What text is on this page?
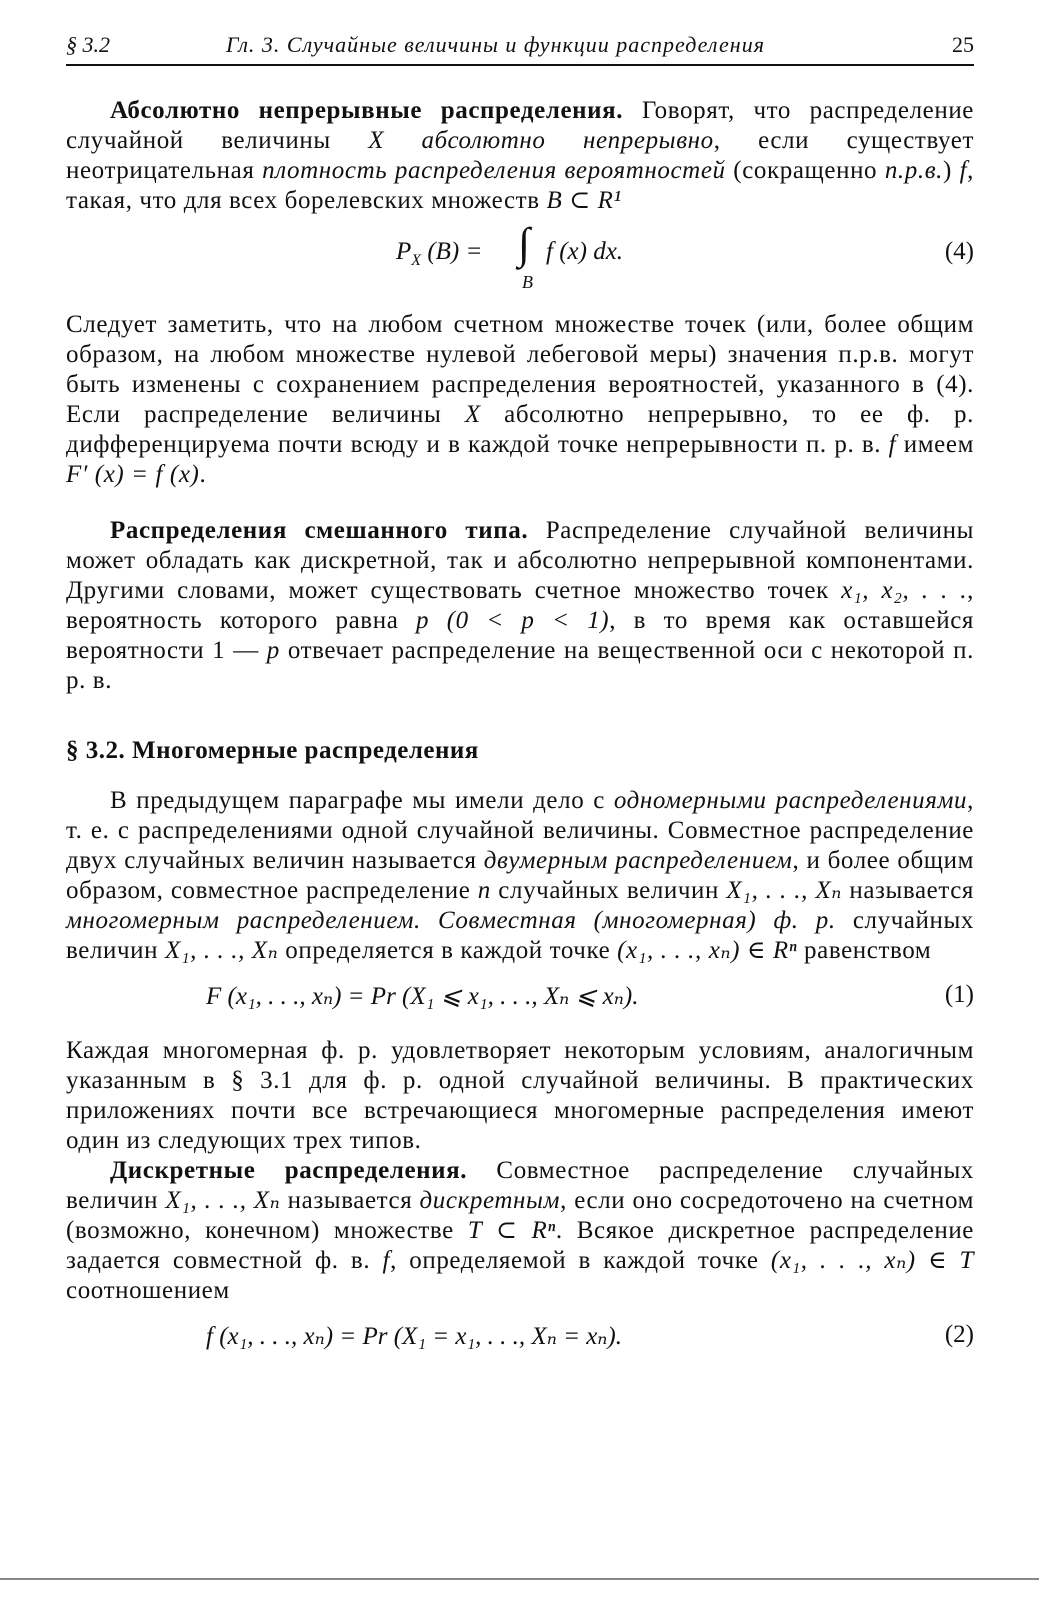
§ 3.2	Гл. 3. Случайные величины и функции распределения	25

Абсолютно непрерывные распределения. Говорят, что распределение случайной величины X абсолютно непрерывно, если существует неотрицательная плотность распределения вероятностей (сокращенно п.р.в.) f, такая, что для всех борелевских множеств B ⊂ R¹

$P_X$ (B) = ∫
B
f (x) dx.	(4)

Следует заметить, что на любом счетном множестве точек (или, более общим образом, на любом множестве нулевой лебеговой меры) значения п.р.в. могут быть изменены с сохранением распределения вероятностей, указанного в (4). Если распределение величины X абсолютно непрерывно, то ее ф. р. дифференцируема почти всюду и в каждой точке непрерывности п. р. в. f имеем F′ (x) = f (x).

Распределения смешанного типа. Распределение случайной величины может обладать как дискретной, так и абсолютно непрерывной компонентами. Другими словами, может существовать счетное множество точек x₁, x₂, . . ., вероятность которого равна p (0 < p < 1), в то время как оставшейся вероятности 1 — p отвечает распределение на вещественной оси с некоторой п. р. в.

§ 3.2. Многомерные распределения

В предыдущем параграфе мы имели дело с одномерными распределениями, т. е. с распределениями одной случайной величины. Совместное распределение двух случайных величин называется двумерным распределением, и более общим образом, совместное распределение n случайных величин X₁, . . ., Xₙ называется многомерным распределением. Совместная (многомерная) ф. р. случайных величин X₁, . . ., Xₙ определяется в каждой точке (x₁, . . ., xₙ) ∈ Rⁿ равенством

F (x₁, . . ., xₙ) = Pr (X₁ ⩽ x₁, . . ., Xₙ ⩽ xₙ).	(1)

Каждая многомерная ф. р. удовлетворяет некоторым условиям, аналогичным указанным в § 3.1 для ф. р. одной случайной величины. В практических приложениях почти все встречающиеся многомерные распределения имеют один из следующих трех типов.

Дискретные распределения. Совместное распределение случайных величин X₁, . . ., Xₙ называется дискретным, если оно сосредоточено на счетном (возможно, конечном) множестве T ⊂ Rⁿ. Всякое дискретное распределение задается совместной ф. в. f, определяемой в каждой точке (x₁, . . ., xₙ) ∈ T соотношением

f (x₁, . . ., xₙ) = Pr (X₁ = x₁, . . ., Xₙ = xₙ).	(2)
